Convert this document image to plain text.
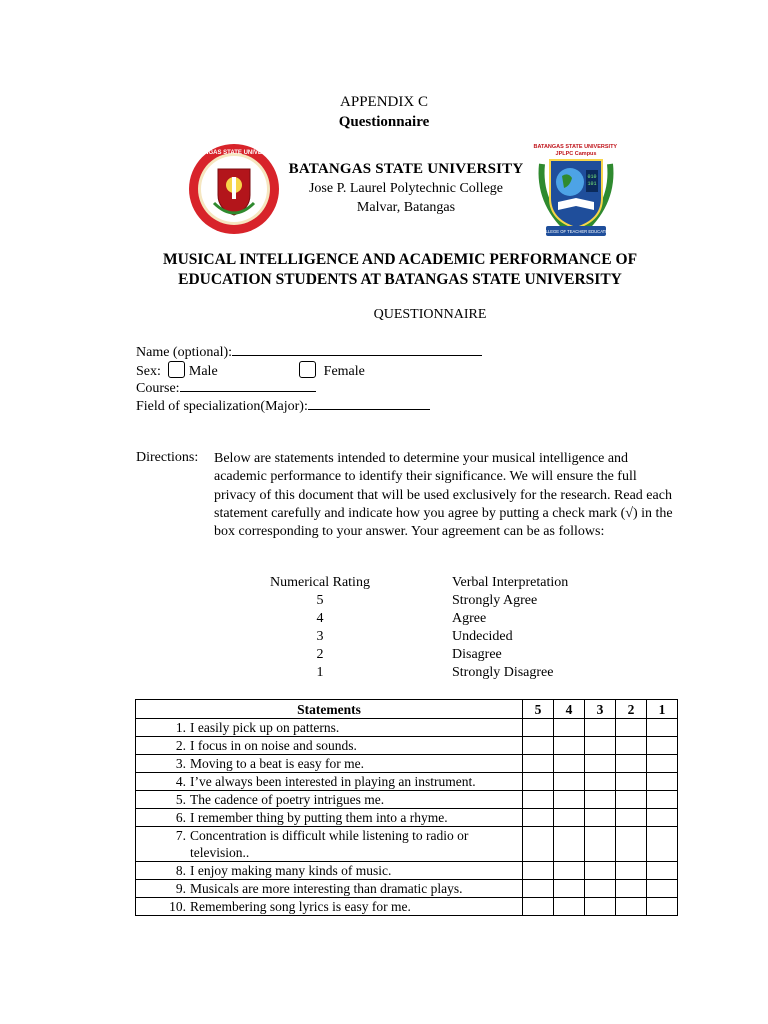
APPENDIX C
Questionnaire
BATANGAS STATE UNIVERSITY
BATANGAS STATE UNIVERSITY
Jose P. Laurel Polytechnic College
Malvar, Batangas
BATANGAS STATE UNIVERSITY JPLPC Campus
010
101
COLLEGE OF TEACHER EDUCATION
MUSICAL INTELLIGENCE AND ACADEMIC PERFORMANCE OF
EDUCATION STUDENTS AT BATANGAS STATE UNIVERSITY
QUESTIONNAIRE
Name (optional):
Sex: Male	Female
Course:
Field of specialization(Major):
Directions: Below are statements intended to determine your musical intelligence and academic performance to identify their significance. We will ensure the full privacy of this document that will be used exclusively for the research. Read each statement carefully and indicate how you agree by putting a check mark (√) in the box corresponding to your answer. Your agreement can be as follows:
Numerical Rating	Verbal Interpretation
5	Strongly Agree
4	Agree
3	Undecided
2	Disagree
1	Strongly Disagree
Statements	5	4	3	2	1
1. I easily pick up on patterns.					
2. I focus in on noise and sounds.					
3. Moving to a beat is easy for me.					
4. I’ve always been interested in playing an instrument.					
5. The cadence of poetry intrigues me.					
6. I remember thing by putting them into a rhyme.					
7. Concentration is difficult while listening to radio or television..					
8. I enjoy making many kinds of music.					
9. Musicals are more interesting than dramatic plays.					
10. Remembering song lyrics is easy for me.					
